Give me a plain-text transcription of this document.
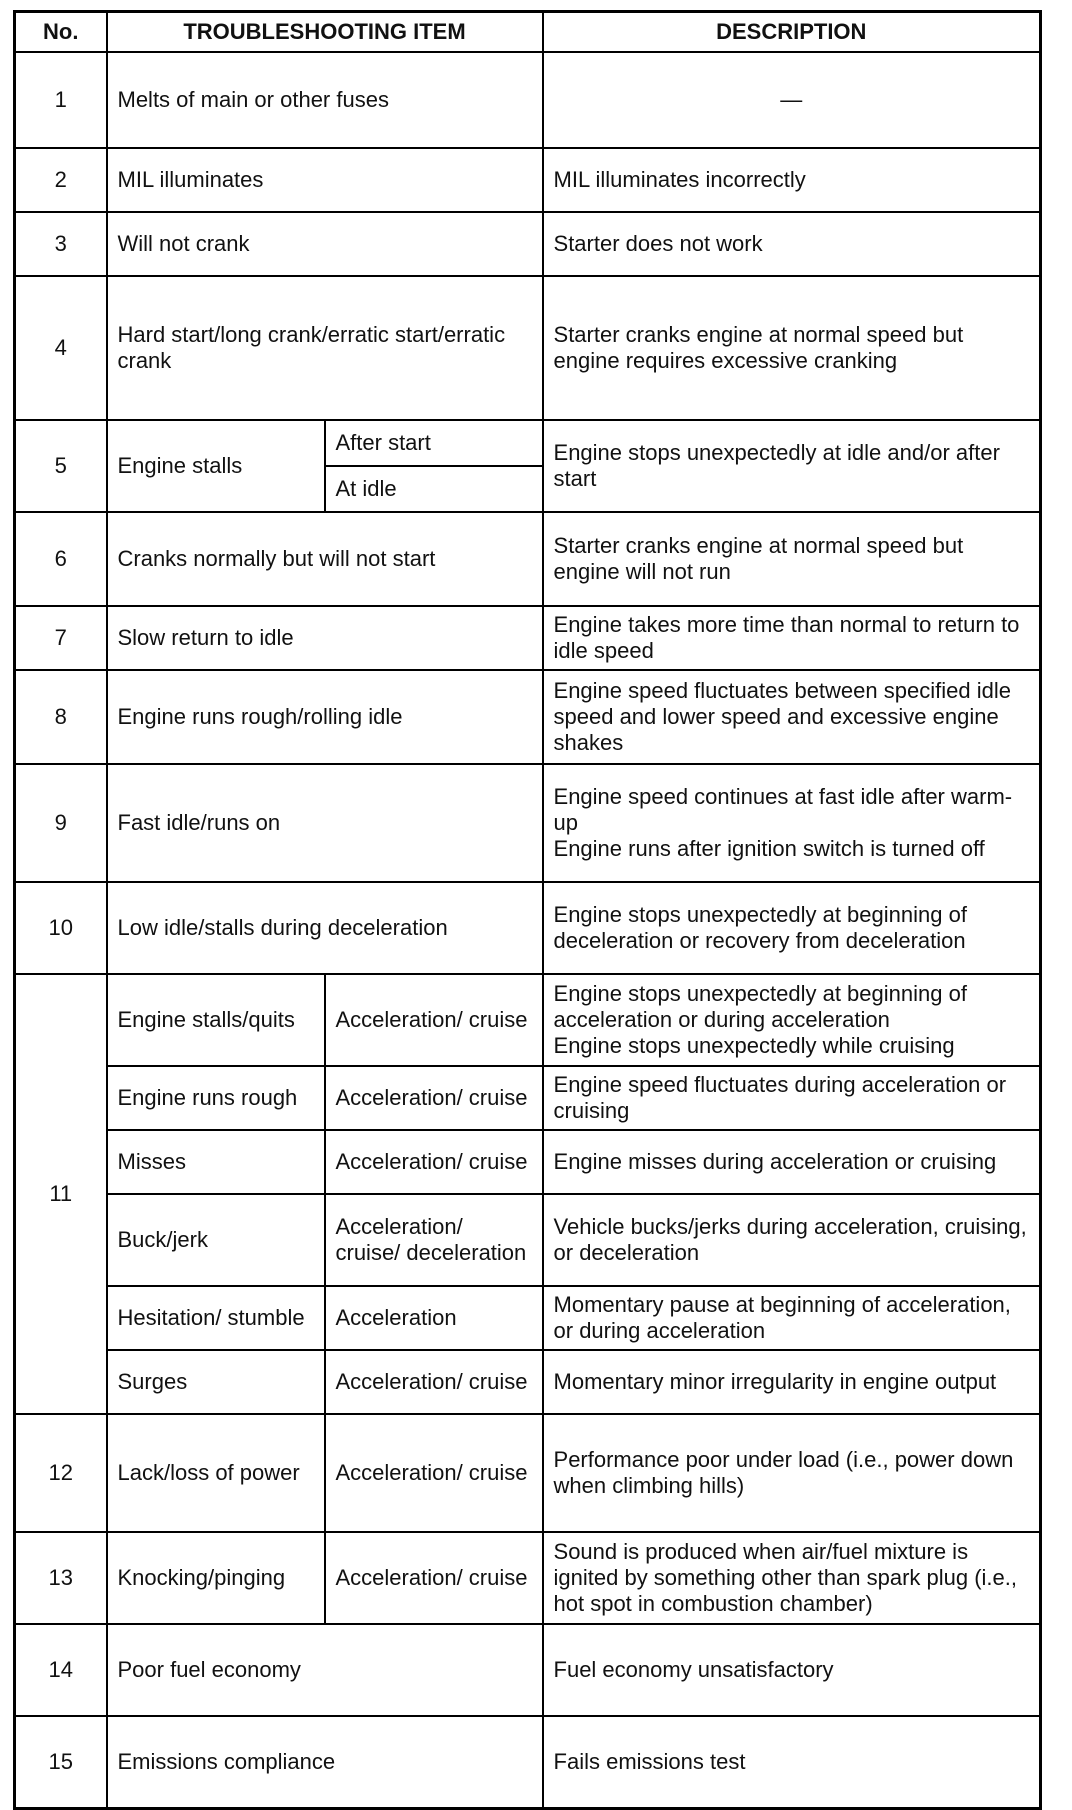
No.	TROUBLESHOOTING ITEM		DESCRIPTION
1	Melts of main or other fuses		—
2	MIL illuminates		MIL illuminates incorrectly
3	Will not crank		Starter does not work
4	Hard start/long crank/erratic start/erratic crank		Starter cranks engine at normal speed but engine requires excessive cranking
5	Engine stalls	After start	Engine stops unexpectedly at idle and/or after start
		At idle	
6	Cranks normally but will not start		Starter cranks engine at normal speed but engine will not run
7	Slow return to idle		Engine takes more time than normal to return to idle speed
8	Engine runs rough/rolling idle		Engine speed fluctuates between specified idle speed and lower speed and excessive engine shakes
9	Fast idle/runs on		Engine speed continues at fast idle after warm-up
Engine runs after ignition switch is turned off
10	Low idle/stalls during deceleration		Engine stops unexpectedly at beginning of deceleration or recovery from deceleration
11	Engine stalls/quits	Acceleration/ cruise	Engine stops unexpectedly at beginning of acceleration or during acceleration
Engine stops unexpectedly while cruising
	Engine runs rough	Acceleration/ cruise	Engine speed fluctuates during acceleration or cruising
	Misses	Acceleration/ cruise	Engine misses during acceleration or cruising
	Buck/jerk	Acceleration/ cruise/ deceleration	Vehicle bucks/jerks during acceleration, cruising, or deceleration
	Hesitation/ stumble	Acceleration	Momentary pause at beginning of acceleration, or during acceleration
	Surges	Acceleration/ cruise	Momentary minor irregularity in engine output
12	Lack/loss of power	Acceleration/ cruise	Performance poor under load (i.e., power down when climbing hills)
13	Knocking/pinging	Acceleration/ cruise	Sound is produced when air/fuel mixture is ignited by something other than spark plug (i.e., hot spot in combustion chamber)
14	Poor fuel economy		Fuel economy unsatisfactory
15	Emissions compliance		Fails emissions test
